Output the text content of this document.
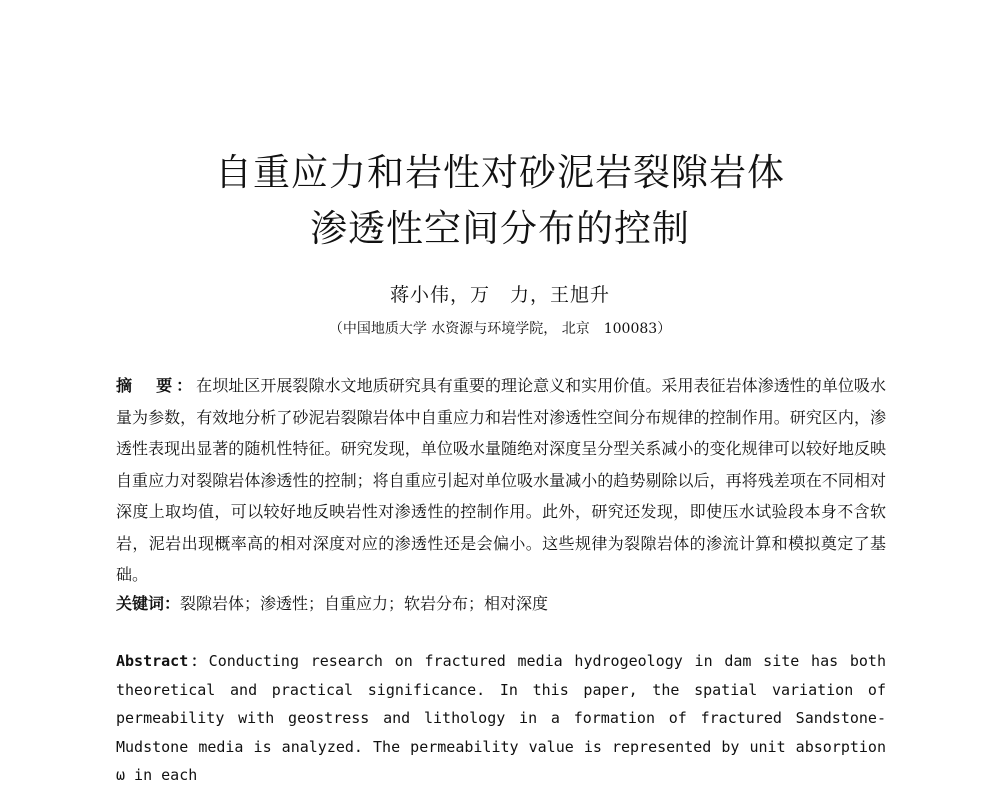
自重应力和岩性对砂泥岩裂隙岩体
渗透性空间分布的控制
蒋小伟，万　力，王旭升
（中国地质大学 水资源与环境学院， 北京　100083）
摘　要：在坝址区开展裂隙水文地质研究具有重要的理论意义和实用价值。采用表征岩体渗透性的单位吸水量为参数，有效地分析了砂泥岩裂隙岩体中自重应力和岩性对渗透性空间分布规律的控制作用。研究区内，渗透性表现出显著的随机性特征。研究发现，单位吸水量随绝对深度呈分型关系减小的变化规律可以较好地反映自重应力对裂隙岩体渗透性的控制；将自重应引起对单位吸水量减小的趋势剔除以后，再将残差项在不同相对深度上取均值，可以较好地反映岩性对渗透性的控制作用。此外，研究还发现，即使压水试验段本身不含软岩，泥岩出现概率高的相对深度对应的渗透性还是会偏小。这些规律为裂隙岩体的渗流计算和模拟奠定了基础。
关键词：裂隙岩体；渗透性；自重应力；软岩分布；相对深度
Abstract：Conducting research on fractured media hydrogeology in dam site has both theoretical and practical significance. In this paper, the spatial variation of permeability with geostress and lithology in a formation of fractured Sandstone-Mudstone media is analyzed. The permeability value is represented by unit absorption ω in each
